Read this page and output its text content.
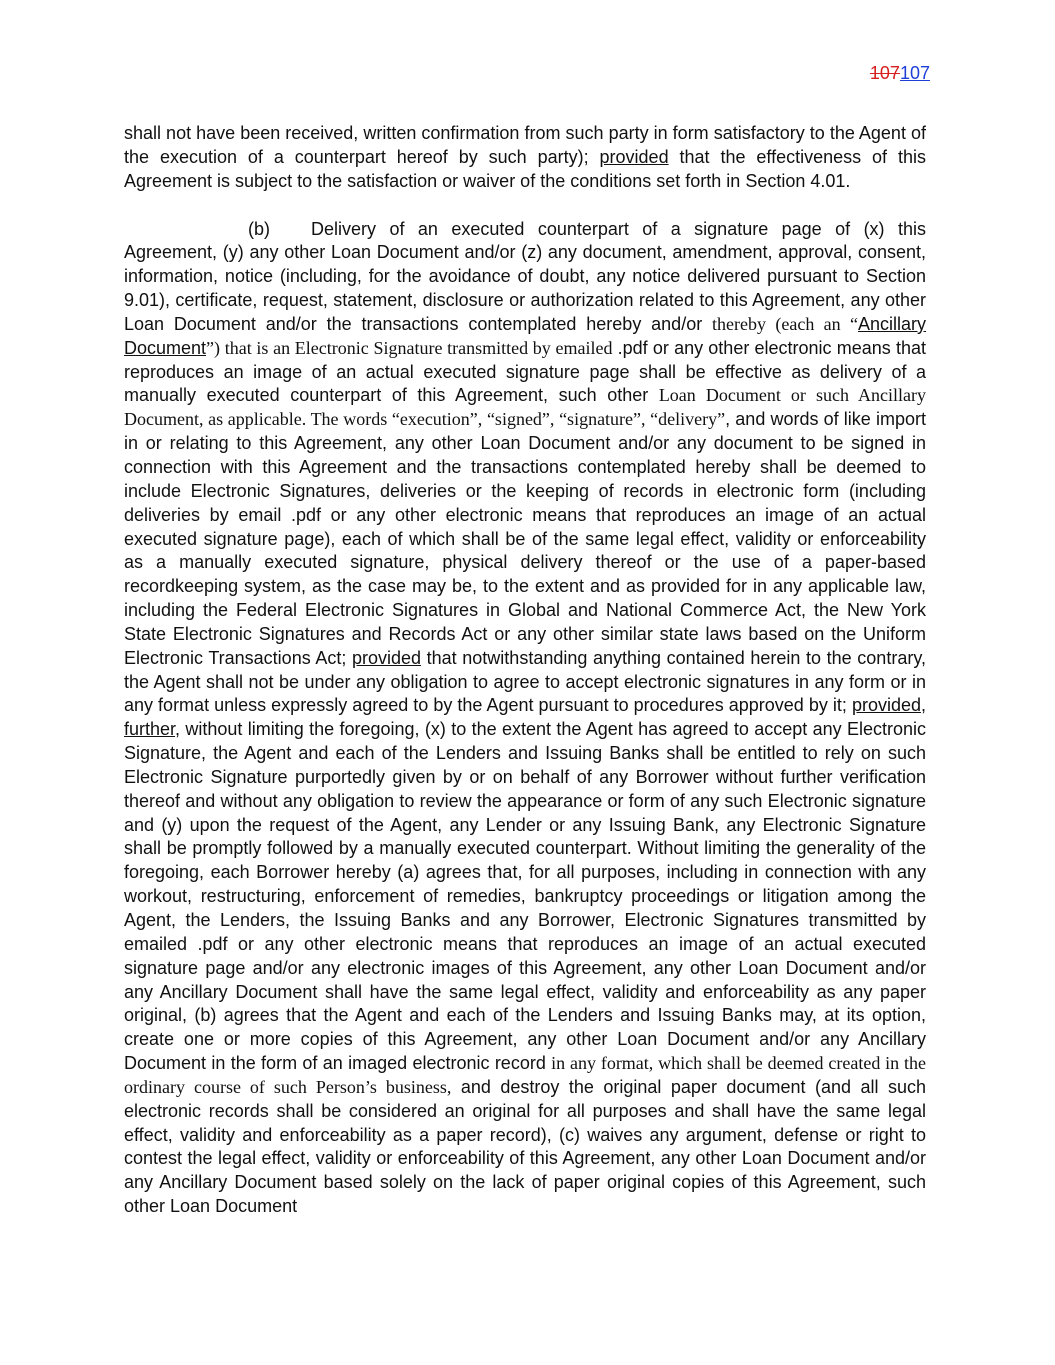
107107

shall not have been received, written confirmation from such party in form satisfactory to the Agent of the execution of a counterpart hereof by such party); provided that the effectiveness of this Agreement is subject to the satisfaction or waiver of the conditions set forth in Section 4.01.

(b) Delivery of an executed counterpart of a signature page of (x) this Agreement, (y) any other Loan Document and/or (z) any document, amendment, approval, consent, information, notice (including, for the avoidance of doubt, any notice delivered pursuant to Section 9.01), certificate, request, statement, disclosure or authorization related to this Agreement, any other Loan Document and/or the transactions contemplated hereby and/or thereby (each an “Ancillary Document”) that is an Electronic Signature transmitted by emailed .pdf or any other electronic means that reproduces an image of an actual executed signature page shall be effective as delivery of a manually executed counterpart of this Agreement, such other Loan Document or such Ancillary Document, as applicable. The words “execution”, “signed”, “signature”, “delivery”, and words of like import in or relating to this Agreement, any other Loan Document and/or any document to be signed in connection with this Agreement and the transactions contemplated hereby shall be deemed to include Electronic Signatures, deliveries or the keeping of records in electronic form (including deliveries by email .pdf or any other electronic means that reproduces an image of an actual executed signature page), each of which shall be of the same legal effect, validity or enforceability as a manually executed signature, physical delivery thereof or the use of a paper-based recordkeeping system, as the case may be, to the extent and as provided for in any applicable law, including the Federal Electronic Signatures in Global and National Commerce Act, the New York State Electronic Signatures and Records Act or any other similar state laws based on the Uniform Electronic Transactions Act; provided that notwithstanding anything contained herein to the contrary, the Agent shall not be under any obligation to agree to accept electronic signatures in any form or in any format unless expressly agreed to by the Agent pursuant to procedures approved by it; provided, further, without limiting the foregoing, (x) to the extent the Agent has agreed to accept any Electronic Signature, the Agent and each of the Lenders and Issuing Banks shall be entitled to rely on such Electronic Signature purportedly given by or on behalf of any Borrower without further verification thereof and without any obligation to review the appearance or form of any such Electronic signature and (y) upon the request of the Agent, any Lender or any Issuing Bank, any Electronic Signature shall be promptly followed by a manually executed counterpart. Without limiting the generality of the foregoing, each Borrower hereby (a) agrees that, for all purposes, including in connection with any workout, restructuring, enforcement of remedies, bankruptcy proceedings or litigation among the Agent, the Lenders, the Issuing Banks and any Borrower, Electronic Signatures transmitted by emailed .pdf or any other electronic means that reproduces an image of an actual executed signature page and/or any electronic images of this Agreement, any other Loan Document and/or any Ancillary Document shall have the same legal effect, validity and enforceability as any paper original, (b) agrees that the Agent and each of the Lenders and Issuing Banks may, at its option, create one or more copies of this Agreement, any other Loan Document and/or any Ancillary Document in the form of an imaged electronic record in any format, which shall be deemed created in the ordinary course of such Person’s business, and destroy the original paper document (and all such electronic records shall be considered an original for all purposes and shall have the same legal effect, validity and enforceability as a paper record), (c) waives any argument, defense or right to contest the legal effect, validity or enforceability of this Agreement, any other Loan Document and/or any Ancillary Document based solely on the lack of paper original copies of this Agreement, such other Loan Document
